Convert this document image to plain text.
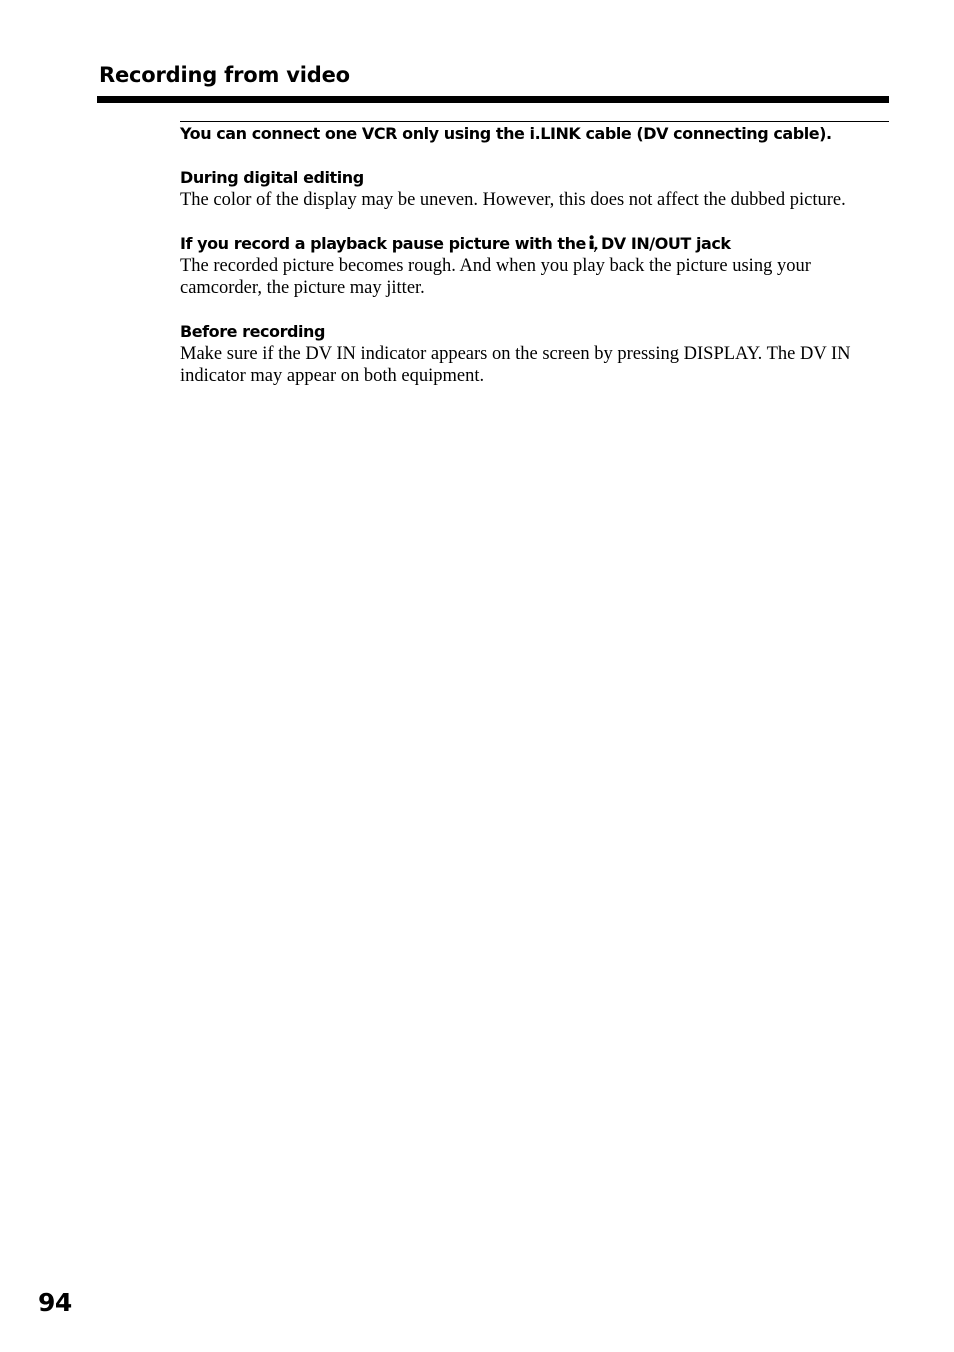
Recording from video

You can connect one VCR only using the i.LINK cable (DV connecting cable).

During digital editing

The color of the display may be uneven. However, this does not affect the dubbed picture.

If you record a playback pause picture with the DV IN/OUT jack

The recorded picture becomes rough. And when you play back the picture using your camcorder, the picture may jitter.

Before recording

Make sure if the DV IN indicator appears on the screen by pressing DISPLAY. The DV IN indicator may appear on both equipment.

94
